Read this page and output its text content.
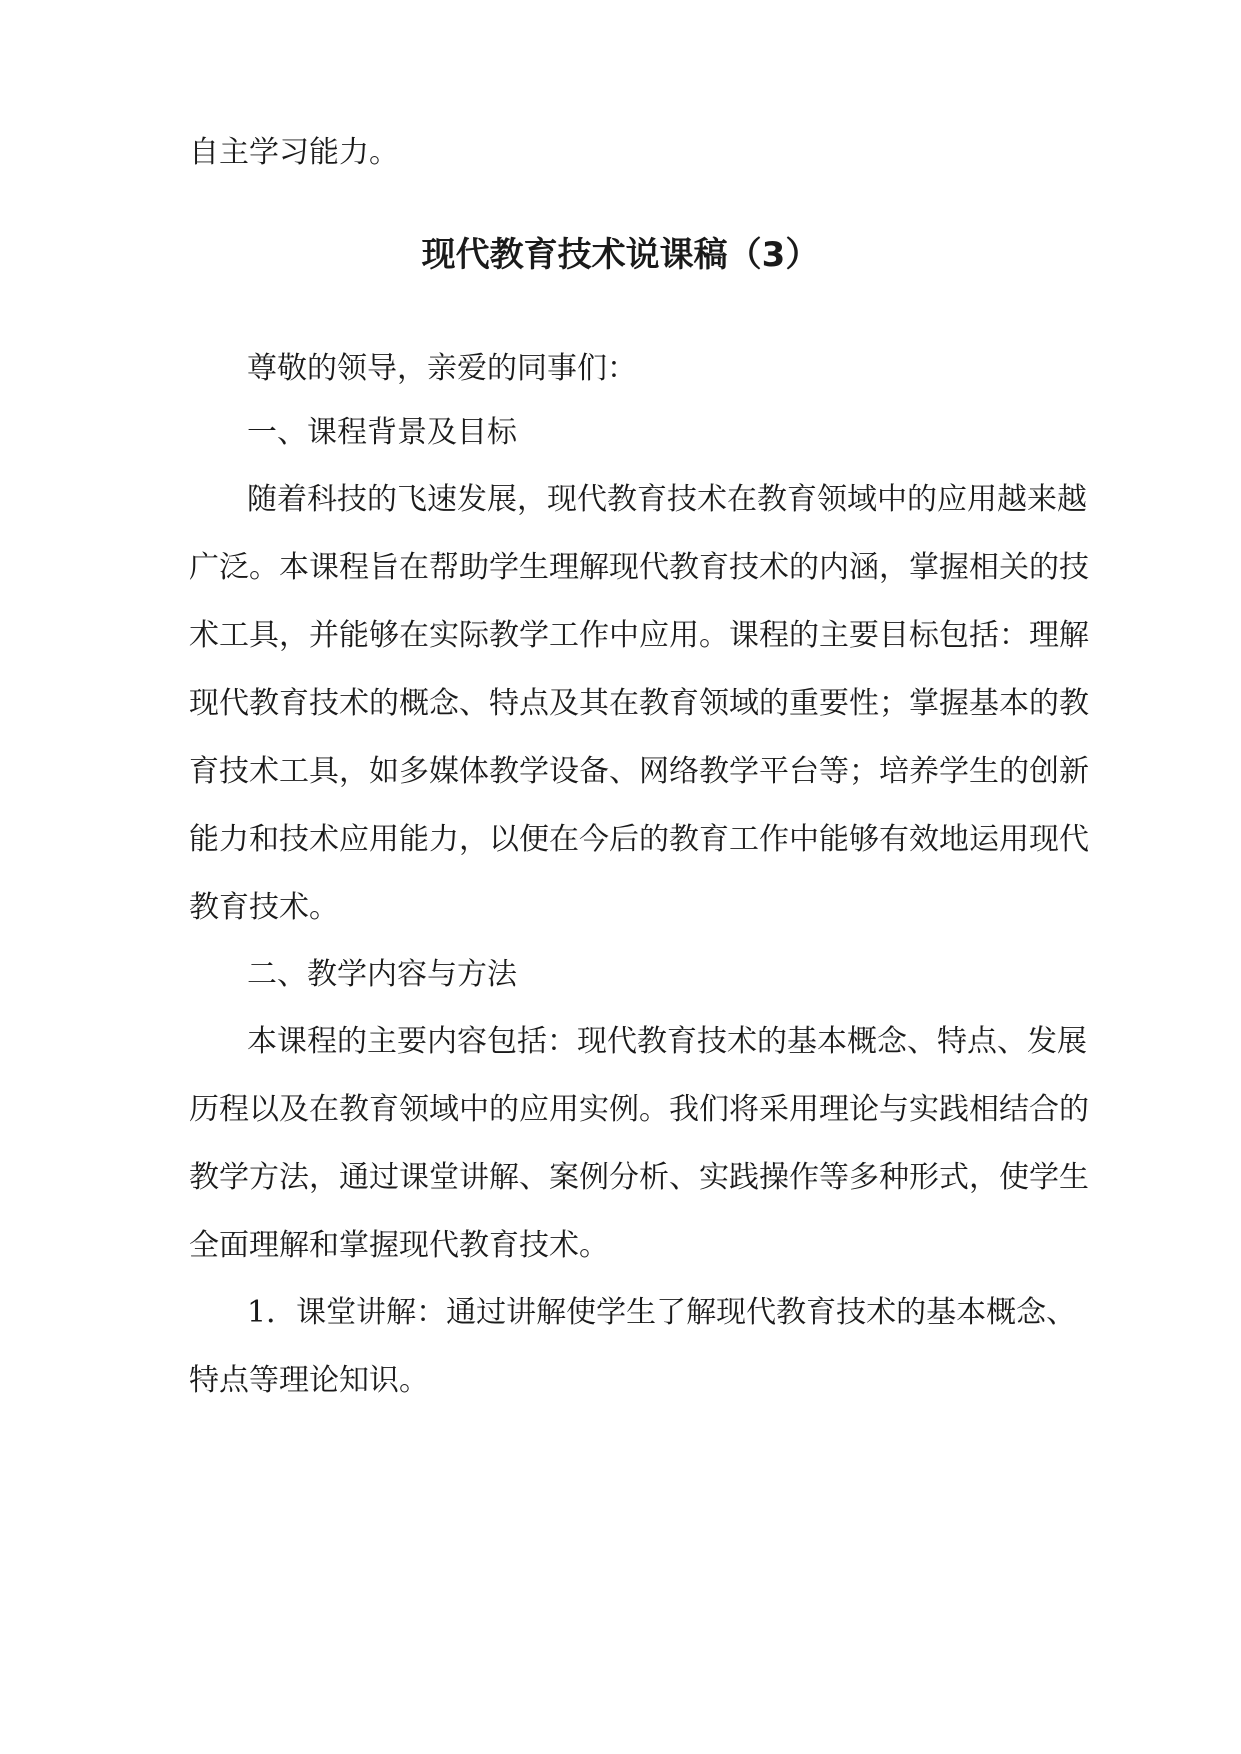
自主学习能力。
现代教育技术说课稿（3）
尊敬的领导，亲爱的同事们：
一、课程背景及目标
随着科技的飞速发展，现代教育技术在教育领域中的应用越来越
广泛。本课程旨在帮助学生理解现代教育技术的内涵，掌握相关的技
术工具，并能够在实际教学工作中应用。课程的主要目标包括：理解
现代教育技术的概念、特点及其在教育领域的重要性；掌握基本的教
育技术工具，如多媒体教学设备、网络教学平台等；培养学生的创新
能力和技术应用能力，以便在今后的教育工作中能够有效地运用现代
教育技术。
二、教学内容与方法
本课程的主要内容包括：现代教育技术的基本概念、特点、发展
历程以及在教育领域中的应用实例。我们将采用理论与实践相结合的
教学方法，通过课堂讲解、案例分析、实践操作等多种形式，使学生
全面理解和掌握现代教育技术。
1．课堂讲解：通过讲解使学生了解现代教育技术的基本概念、
特点等理论知识。
